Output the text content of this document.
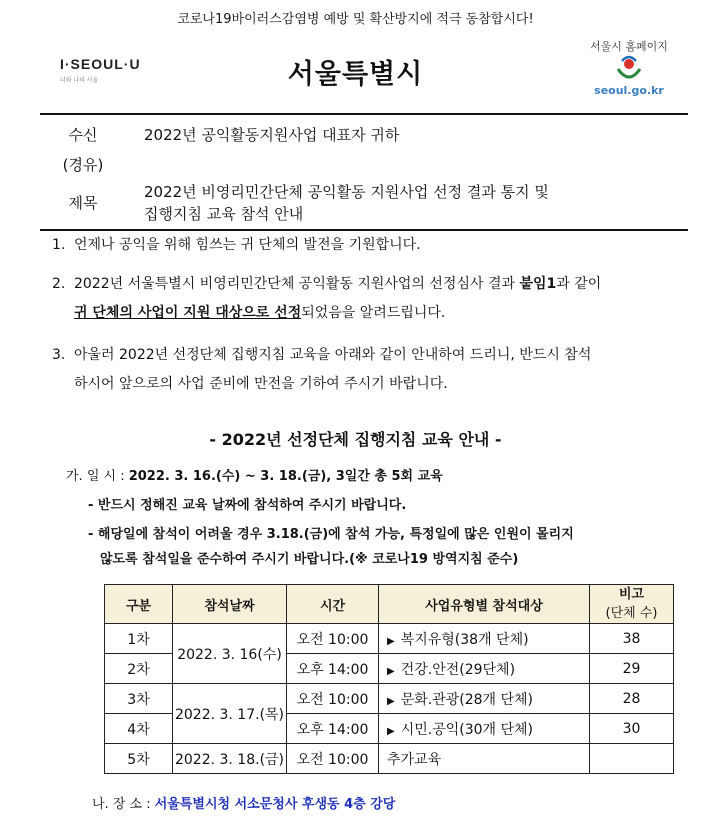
코로나19바이러스감염병 예방 및 확산방지에 적극 동참합시다!
I·SEOUL·U
너와 나의 서울	서울특별시
서울시 홈페이지
seoul.go.kr
수신	2022년 공익활동지원사업 대표자 귀하
(경유)
제목
2022년 비영리민간단체 공익활동 지원사업 선정 결과 통지 및
집행지침 교육 참석 안내
1. 언제나 공익을 위해 힘쓰는 귀 단체의 발전을 기원합니다.
2. 2022년 서울특별시 비영리민간단체 공익활동 지원사업의 선정심사 결과 붙임1과 같이
귀 단체의 사업이 지원 대상으로 선정되었음을 알려드립니다.
3. 아울러 2022년 선정단체 집행지침 교육을 아래와 같이 안내하여 드리니, 반드시 참석
하시어 앞으로의 사업 준비에 만전을 기하여 주시기 바랍니다.
- 2022년 선정단체 집행지침 교육 안내 -
가. 일 시 : 2022. 3. 16.(수) ~ 3. 18.(금), 3일간 총 5회 교육
- 반드시 정해진 교육 날짜에 참석하여 주시기 바랍니다.
- 해당일에 참석이 어려울 경우 3.18.(금)에 참석 가능, 특정일에 많은 인원이 몰리지
않도록 참석일을 준수하여 주시기 바랍니다.(※ 코로나19 방역지침 준수)
구분	참석날짜	시간	사업유형별 참석대상	비고
(단체 수)
1차	2022. 3. 16(수)	오전 10:00	▶ 복지유형(38개 단체)	38
2차		오후 14:00	▶ 건강.안전(29단체)	29
3차	2022. 3. 17.(목)	오전 10:00	▶ 문화.관광(28개 단체)	28
4차		오후 14:00	▶ 시민.공익(30개 단체)	30
5차	2022. 3. 18.(금)	오전 10:00	추가교육	
나. 장 소 : 서울특별시청 서소문청사 후생동 4층 강당
